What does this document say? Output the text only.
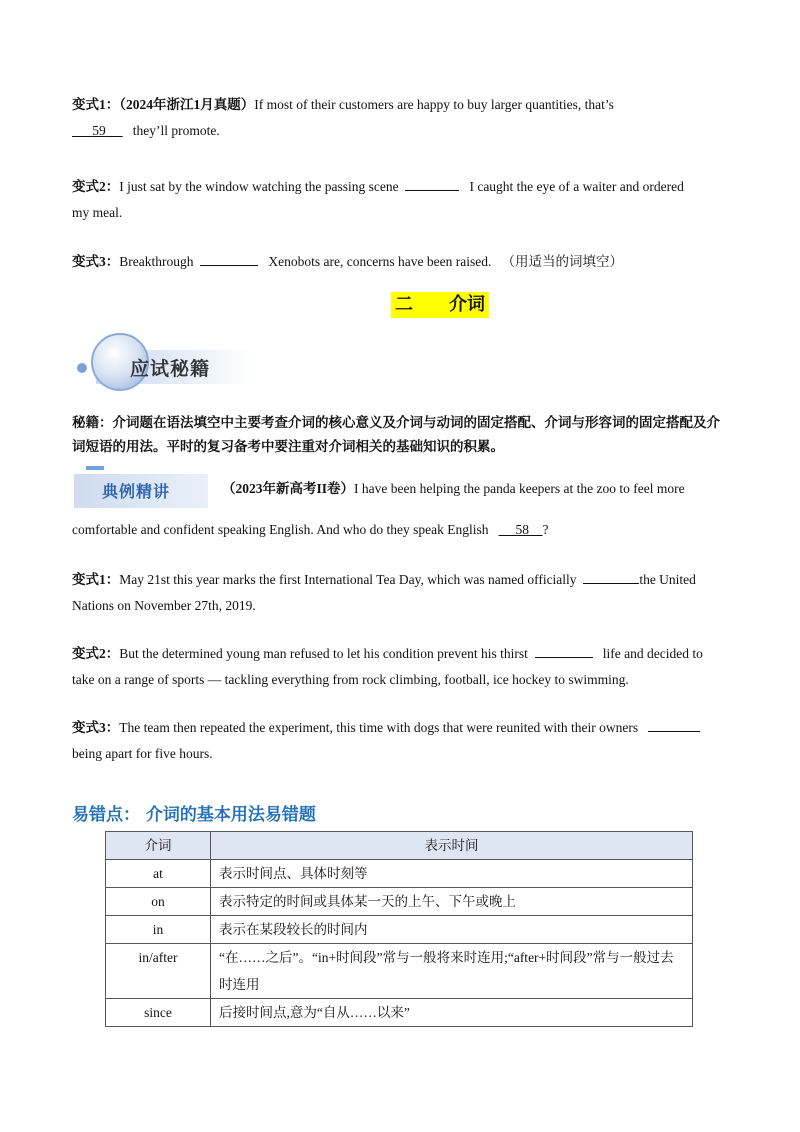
变式1：（2024年浙江1月真题）If most of their customers are happy to buy larger quantities, that’s
59 they’ll promote.
变式2：I just sat by the window watching the passing scene	I caught the eye of a waiter and ordered
my meal.
变式3：Breakthrough	Xenobots are, concerns have been raised. （用适当的词填空）
二 介词
应试秘籍
秘籍：介词题在语法填空中主要考查介词的核心意义及介词与动词的固定搭配、介词与形容词的固定搭配及介词短语的用法。平时的复习备考中要注重对介词相关的基础知识的积累。
典例精讲	（2023年新高考II卷）I have been helping the panda keepers at the zoo to feel more
comfortable and confident speaking English. And who do they speak English 58 ?
变式1：May 21st this year marks the first International Tea Day, which was named officially	the United
Nations on November 27th, 2019.
变式2：But the determined young man refused to let his condition prevent his thirst	life and decided to
take on a range of sports — tackling everything from rock climbing, football, ice hockey to swimming.
变式3：The team then repeated the experiment, this time with dogs that were reunited with their owners
being apart for five hours.
易错点： 介词的基本用法易错题
介词	表示时间
at	表示时间点、具体时刻等
on	表示特定的时间或具体某一天的上午、下午或晚上
in	表示在某段较长的时间内
in/after	“在……之后”。“in+时间段”常与一般将来时连用;“after+时间段”常与一般过去时连用
since	后接时间点,意为“自从……以来”
